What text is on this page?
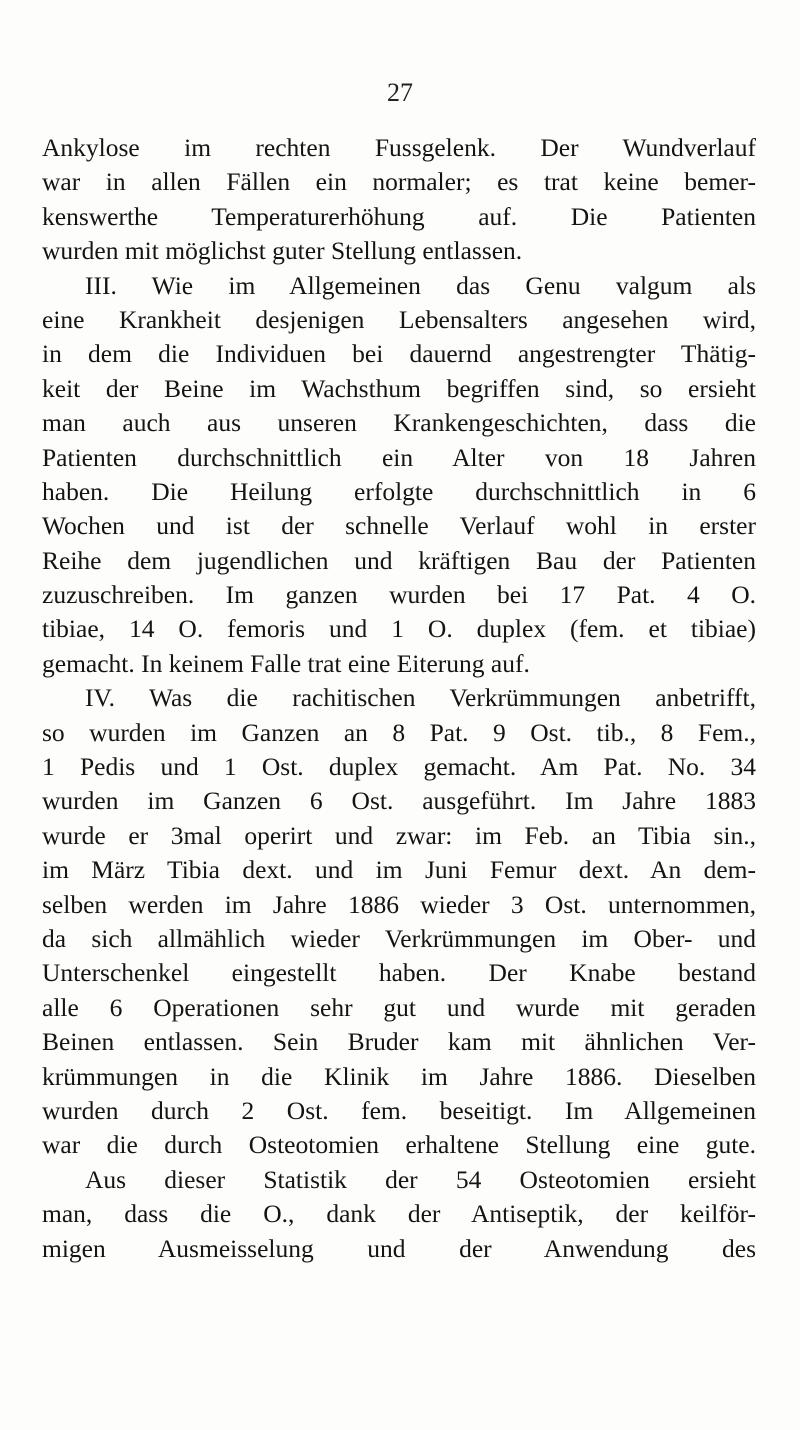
27
Ankylose im rechten Fussgelenk. Der Wundverlauf
war in allen Fällen ein normaler; es trat keine bemer-
kenswerthe Temperaturerhöhung auf. Die Patienten
wurden mit möglichst guter Stellung entlassen.
III. Wie im Allgemeinen das Genu valgum als
eine Krankheit desjenigen Lebensalters angesehen wird,
in dem die Individuen bei dauernd angestrengter Thätig-
keit der Beine im Wachsthum begriffen sind, so ersieht
man auch aus unseren Krankengeschichten, dass die
Patienten durchschnittlich ein Alter von 18 Jahren
haben. Die Heilung erfolgte durchschnittlich in 6
Wochen und ist der schnelle Verlauf wohl in erster
Reihe dem jugendlichen und kräftigen Bau der Patienten
zuzuschreiben. Im ganzen wurden bei 17 Pat. 4 O.
tibiae, 14 O. femoris und 1 O. duplex (fem. et tibiae)
gemacht. In keinem Falle trat eine Eiterung auf.
IV. Was die rachitischen Verkrümmungen anbetrifft,
so wurden im Ganzen an 8 Pat. 9 Ost. tib., 8 Fem.,
1 Pedis und 1 Ost. duplex gemacht. Am Pat. No. 34
wurden im Ganzen 6 Ost. ausgeführt. Im Jahre 1883
wurde er 3mal operirt und zwar: im Feb. an Tibia sin.,
im März Tibia dext. und im Juni Femur dext. An dem-
selben werden im Jahre 1886 wieder 3 Ost. unternommen,
da sich allmählich wieder Verkrümmungen im Ober- und
Unterschenkel eingestellt haben. Der Knabe bestand
alle 6 Operationen sehr gut und wurde mit geraden
Beinen entlassen. Sein Bruder kam mit ähnlichen Ver-
krümmungen in die Klinik im Jahre 1886. Dieselben
wurden durch 2 Ost. fem. beseitigt. Im Allgemeinen
war die durch Osteotomien erhaltene Stellung eine gute.
Aus dieser Statistik der 54 Osteotomien ersieht
man, dass die O., dank der Antiseptik, der keilför-
migen Ausmeisselung und der Anwendung des
